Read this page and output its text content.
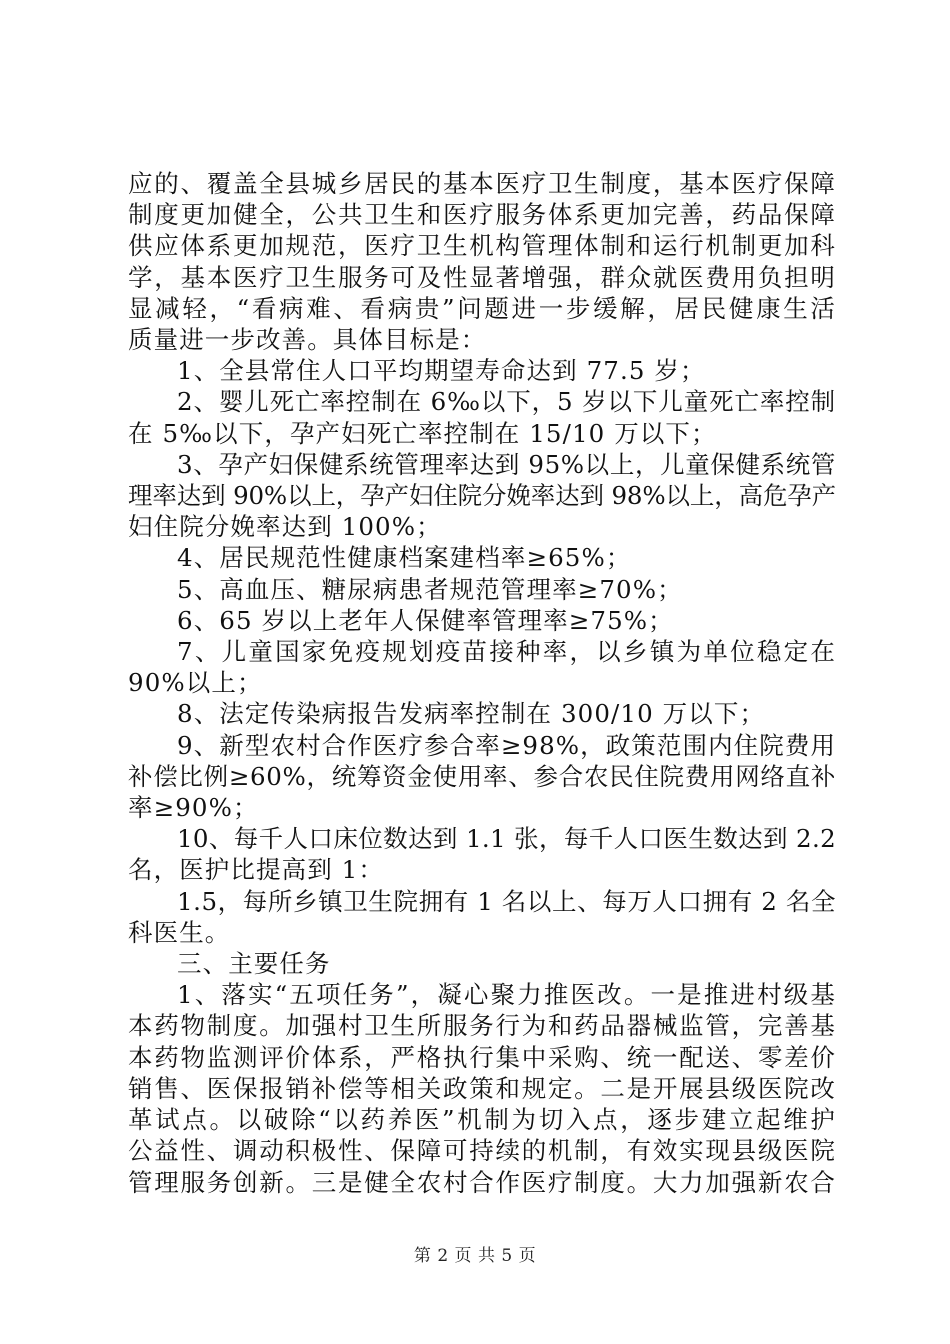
应的、覆盖全县城乡居民的基本医疗卫生制度，基本医疗保障
制度更加健全，公共卫生和医疗服务体系更加完善，药品保障
供应体系更加规范，医疗卫生机构管理体制和运行机制更加科
学，基本医疗卫生服务可及性显著增强，群众就医费用负担明
显减轻，“看病难、看病贵”问题进一步缓解，居民健康生活
质量进一步改善。具体目标是：
1、全县常住人口平均期望寿命达到 77.5 岁；
2、婴儿死亡率控制在 6‰以下，5 岁以下儿童死亡率控制
在 5‰以下，孕产妇死亡率控制在 15/10 万以下；
3、孕产妇保健系统管理率达到 95%以上，儿童保健系统管
理率达到 90%以上，孕产妇住院分娩率达到 98%以上，高危孕产
妇住院分娩率达到 100%；
4、居民规范性健康档案建档率≥65%；
5、高血压、糖尿病患者规范管理率≥70%；
6、65 岁以上老年人保健率管理率≥75%；
7、儿童国家免疫规划疫苗接种率，以乡镇为单位稳定在
90%以上；
8、法定传染病报告发病率控制在 300/10 万以下；
9、新型农村合作医疗参合率≥98%，政策范围内住院费用
补偿比例≥60%，统筹资金使用率、参合农民住院费用网络直补
率≥90%；
10、每千人口床位数达到 1.1 张，每千人口医生数达到 2.2
名，医护比提高到 1：
1.5，每所乡镇卫生院拥有 1 名以上、每万人口拥有 2 名全
科医生。
三、主要任务
1、落实“五项任务”，凝心聚力推医改。一是推进村级基
本药物制度。加强村卫生所服务行为和药品器械监管，完善基
本药物监测评价体系，严格执行集中采购、统一配送、零差价
销售、医保报销补偿等相关政策和规定。二是开展县级医院改
革试点。以破除“以药养医”机制为切入点，逐步建立起维护
公益性、调动积极性、保障可持续的机制，有效实现县级医院
管理服务创新。三是健全农村合作医疗制度。大力加强新农合
第 2 页 共 5 页
